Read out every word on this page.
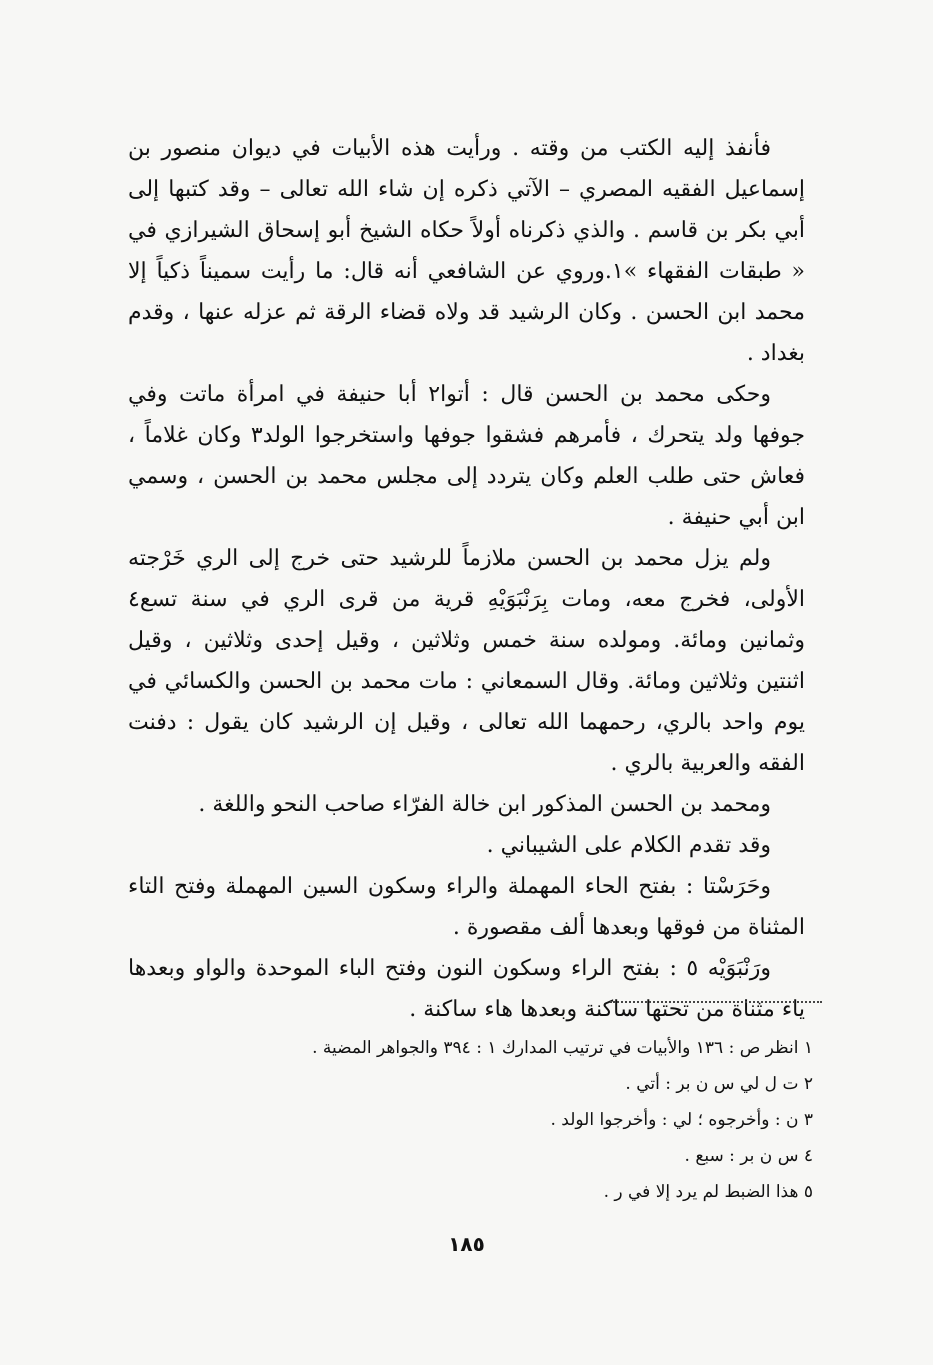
فأنفذ إليه الكتب من وقته . ورأيت هذه الأبيات في ديوان منصور بن إسماعيل الفقيه المصري – الآتي ذكره إن شاء الله تعالى – وقد كتبها إلى أبي بكر بن قاسم . والذي ذكرناه أولاً حكاه الشيخ أبو إسحاق الشيرازي في « طبقات الفقهاء »١.وروي عن الشافعي أنه قال: ما رأيت سميناً ذكياً إلا محمد ابن الحسن . وكان الرشيد قد ولاه قضاء الرقة ثم عزله عنها ، وقدم بغداد .

وحكى محمد بن الحسن قال : أتوا٢ أبا حنيفة في امرأة ماتت وفي جوفها ولد يتحرك ، فأمرهم فشقوا جوفها واستخرجوا الولد٣ وكان غلاماً ، فعاش حتى طلب العلم وكان يتردد إلى مجلس محمد بن الحسن ، وسمي ابن أبي حنيفة .

ولم يزل محمد بن الحسن ملازماً للرشيد حتى خرج إلى الري خَرْجته الأولى، فخرج معه، ومات بِرَنْبَوَيْهِ قرية من قرى الري في سنة تسع٤ وثمانين ومائة. ومولده سنة خمس وثلاثين ، وقيل إحدى وثلاثين ، وقيل اثنتين وثلاثين ومائة. وقال السمعاني : مات محمد بن الحسن والكسائي في يوم واحد بالري، رحمهما الله تعالى ، وقيل إن الرشيد كان يقول : دفنت الفقه والعربية بالري .

ومحمد بن الحسن المذكور ابن خالة الفرّاء صاحب النحو واللغة .

وقد تقدم الكلام على الشيباني .

وحَرَسْتا : بفتح الحاء المهملة والراء وسكون السين المهملة وفتح التاء المثناة من فوقها وبعدها ألف مقصورة .

ورَنْبَوَيْه ٥ : بفتح الراء وسكون النون وفتح الباء الموحدة والواو وبعدها ياء مثناة من تحتها ساكنة وبعدها هاء ساكنة .

١ انظر ص : ١٣٦ والأبيات في ترتيب المدارك ١ : ٣٩٤ والجواهر المضية .
٢ ت ل لي س ن بر : أتي .
٣ ن : وأخرجوه ؛ لي : وأخرجوا الولد .
٤ س ن بر : سبع .
٥ هذا الضبط لم يرد إلا في ر .
١٨٥
